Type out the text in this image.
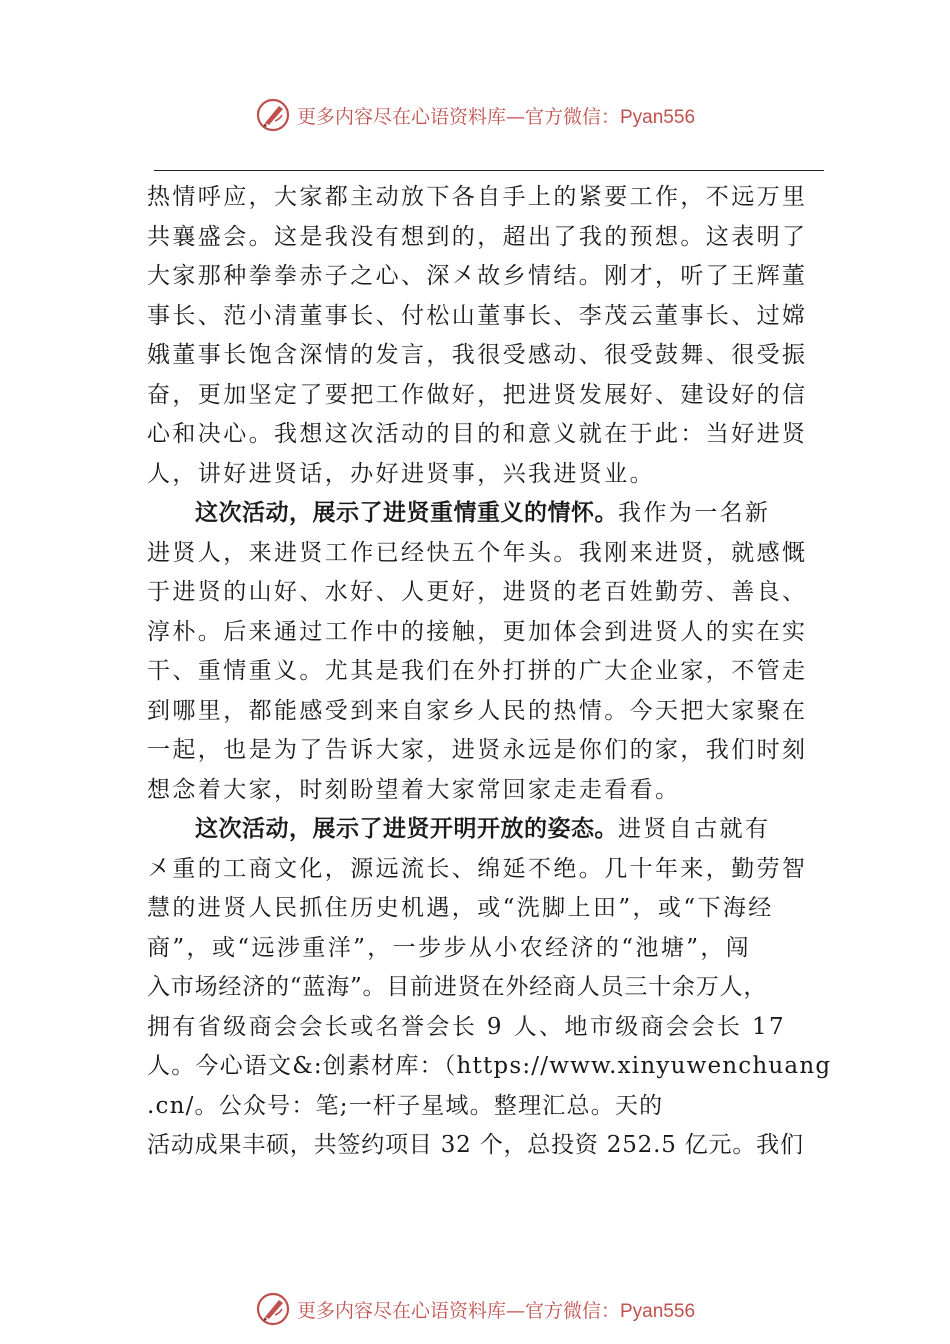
更多内容尽在心语资料库—官方微信：Pyan556
热情呼应，大家都主动放下各自手上的紧要工作，不远万里
共襄盛会。这是我没有想到的，超出了我的预想。这表明了
大家那种拳拳赤子之心、深㐅故乡情结。刚才，听了王辉董
事长、范小清董事长、付松山董事长、李茂云董事长、过嫦
娥董事长饱含深情的发言，我很受感动、很受鼓舞、很受振
奋，更加坚定了要把工作做好，把进贤发展好、建设好的信
心和决心。我想这次活动的目的和意义就在于此：当好进贤
人，讲好进贤话，办好进贤事，兴我进贤业。
这次活动，展示了进贤重情重义的情怀。我作为一名新
进贤人，来进贤工作已经快五个年头。我刚来进贤，就感慨
于进贤的山好、水好、人更好，进贤的老百姓勤劳、善良、
淳朴。后来通过工作中的接触，更加体会到进贤人的实在实
干、重情重义。尤其是我们在外打拼的广大企业家，不管走
到哪里，都能感受到来自家乡人民的热情。今天把大家聚在
一起，也是为了告诉大家，进贤永远是你们的家，我们时刻
想念着大家，时刻盼望着大家常回家走走看看。
这次活动，展示了进贤开明开放的姿态。进贤自古就有
㐅重的工商文化，源远流长、绵延不绝。几十年来，勤劳智
慧的进贤人民抓住历史机遇，或“洗脚上田”，或“下海经
商”，或“远涉重洋”，一步步从小农经济的“池塘”，闯
入市场经济的“蓝海”。目前进贤在外经商人员三十余万人，
拥有省级商会会长或名誉会长 9 人、地市级商会会长 17
人。今心语文&:创素材库：（https://www.xinyuwenchuang
.cn/。公众号：笔;一杆子星域。整理汇总。天的
活动成果丰硕，共签约项目 32 个，总投资 252.5 亿元。我们
更多内容尽在心语资料库—官方微信：Pyan556
